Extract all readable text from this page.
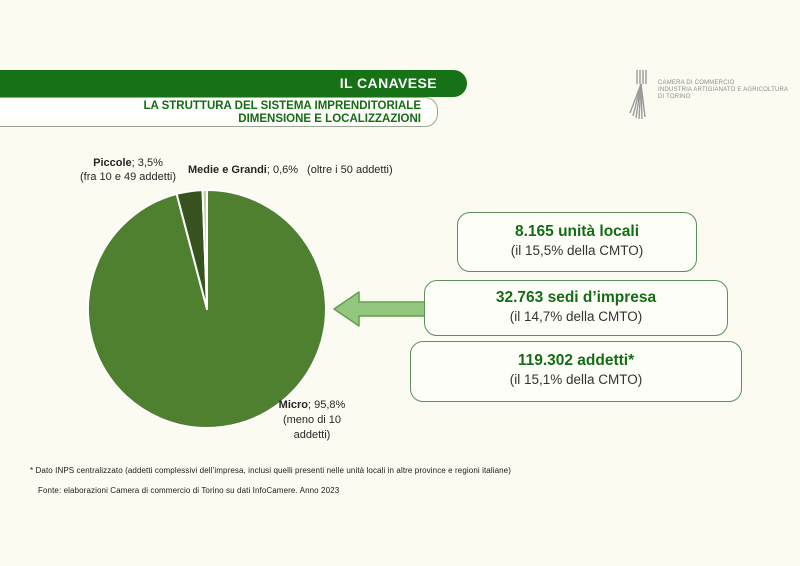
IL CANAVESE
LA STRUTTURA DEL SISTEMA IMPRENDITORIALE
DIMENSIONE E LOCALIZZAZIONI
CAMERA DI COMMERCIO
INDUSTRIA ARTIGIANATO E AGRICOLTURA
DI TORINO
Piccole; 3,5%
(fra 10 e 49 addetti)
Medie e Grandi; 0,6% (oltre i 50 addetti)
Micro; 95,8%
(meno di 10 addetti)
8.165 unità locali
(il 15,5% della CMTO)
32.763 sedi d’impresa
(il 14,7% della CMTO)
119.302 addetti*
(il 15,1% della CMTO)
* Dato INPS centralizzato (addetti complessivi dell’impresa, inclusi quelli presenti nelle unità locali in altre province e regioni italiane)
Fonte: elaborazioni Camera di commercio di Torino su dati InfoCamere. Anno 2023
